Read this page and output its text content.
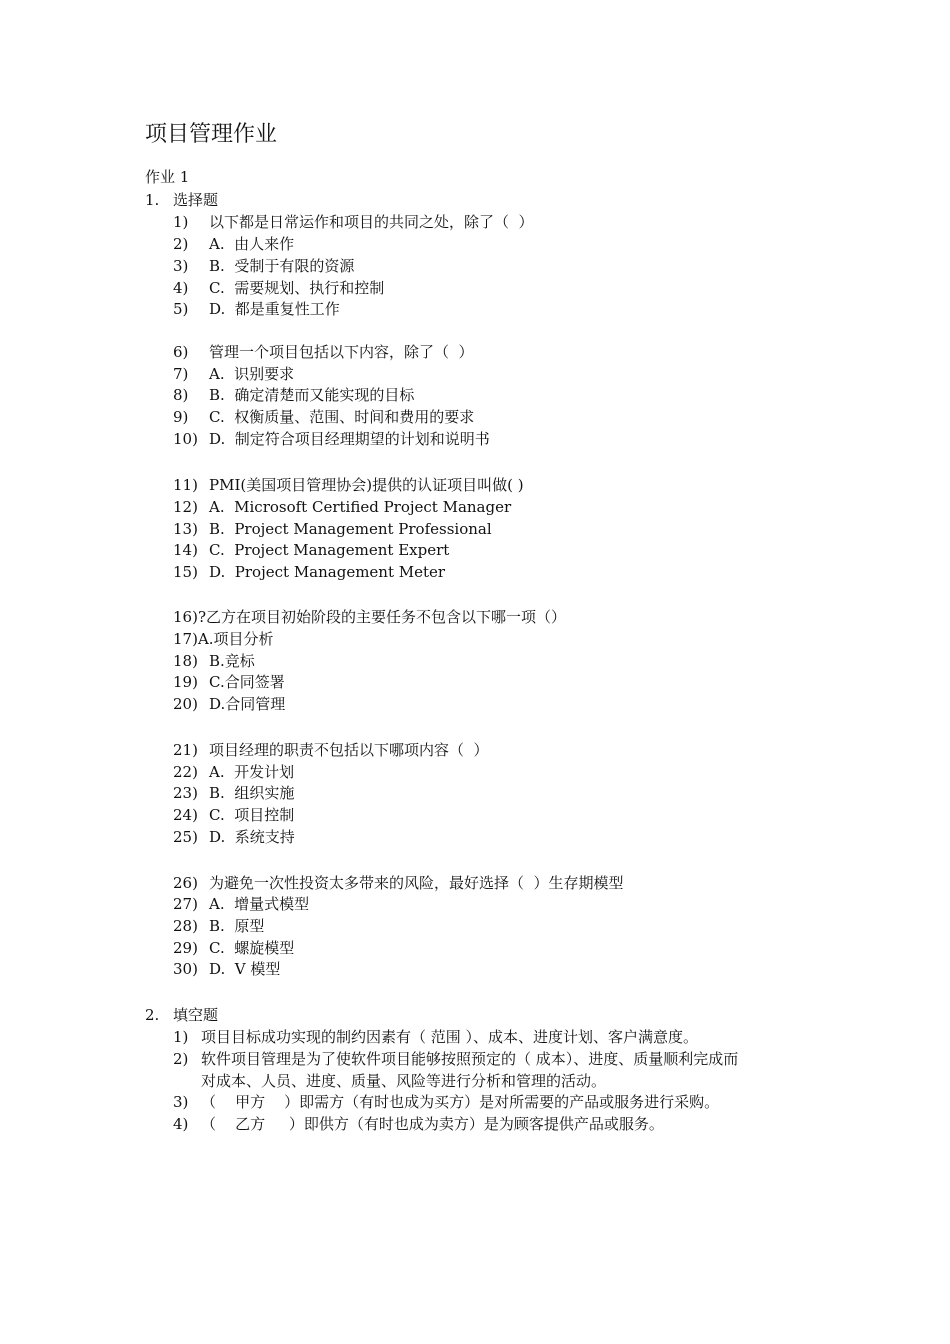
项目管理作业
作业 1
1. 选择题
1) 以下都是日常运作和项目的共同之处，除了（  ）
2) A.  由人来作
3) B.  受制于有限的资源
4) C.  需要规划、执行和控制
5) D.  都是重复性工作
6) 管理一个项目包括以下内容，除了（  ）
7) A.  识别要求
8) B.  确定清楚而又能实现的目标
9) C.  权衡质量、范围、时间和费用的要求
10) D.  制定符合项目经理期望的计划和说明书
11) PMI(美国项目管理协会)提供的认证项目叫做( )
12) A.  Microsoft Certified Project Manager
13) B.  Project Management Professional
14) C.  Project Management Expert
15) D.  Project Management Meter
16)?乙方在项目初始阶段的主要任务不包含以下哪一项（）
17)A.项目分析
18) B.竞标
19) C.合同签署
20) D.合同管理
21) 项目经理的职责不包括以下哪项内容（  ）
22) A.  开发计划
23) B.  组织实施
24) C.  项目控制
25) D.  系统支持
26) 为避免一次性投资太多带来的风险，最好选择（  ）生存期模型
27) A.  增量式模型
28) B.  原型
29) C.  螺旋模型
30) D.  V 模型
2. 填空题
1) 项目目标成功实现的制约因素有（ 范围 ）、成本、进度计划、客户满意度。
2) 软件项目管理是为了使软件项目能够按照预定的（ 成本）、进度、质量顺利完成而
对成本、人员、进度、质量、风险等进行分析和管理的活动。
3) （    甲方    ）即需方（有时也成为买方）是对所需要的产品或服务进行采购。
4) （    乙方     ）即供方（有时也成为卖方）是为顾客提供产品或服务。
